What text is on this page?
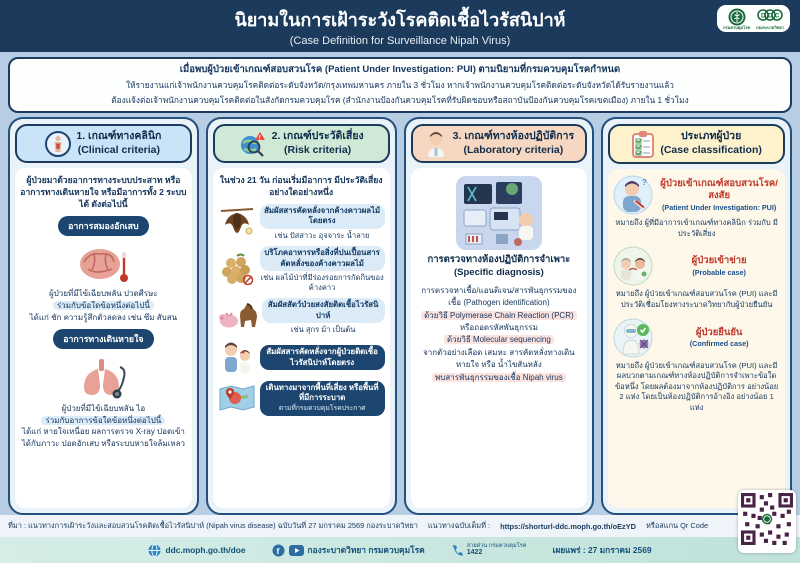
นิยามในการเฝ้าระวังโรคติดเชื้อไวรัสนิปาห์
(Case Definition for Surveillance Nipah Virus)
กรมควบคุมโรค
D D C
กองระบาดวิทยา
เมื่อพบผู้ป่วยเข้าเกณฑ์สอบสวนโรค (Patient Under Investigation: PUI) ตามนิยามที่กรมควบคุมโรคกำหนด
ให้รายงานแก่เจ้าพนักงานควบคุมโรคติดต่อระดับจังหวัด/กรุงเทพมหานคร ภายใน 3 ชั่วโมง หากเจ้าพนักงานควบคุมโรคติดต่อระดับจังหวัดได้รับรายงานแล้ว
ต้องแจ้งต่อเจ้าพนักงานควบคุมโรคติดต่อในสังกัดกรมควบคุมโรค (สำนักงานป้องกันควบคุมโรคที่รับผิดชอบหรือสถาบันป้องกันควบคุมโรคเขตเมือง) ภายใน 1 ชั่วโมง
1. เกณฑ์ทางคลินิก
(Clinical criteria)
ผู้ป่วยมาด้วยอาการทางระบบประสาท หรืออาการทางเดินหายใจ หรือมีอาการทั้ง 2 ระบบได้ ดังต่อไปนี้
อาการสมองอักเสบ
ผู้ป่วยที่มีไข้เฉียบพลัน ปวดศีรษะ
ร่วมกับข้อใดข้อหนึ่งต่อไปนี้
ได้แก่ ชัก ความรู้สึกตัวลดลง เช่น ซึม สับสน
อาการทางเดินหายใจ
ผู้ป่วยที่มีไข้เฉียบพลัน ไอ
ร่วมกับอาการข้อใดข้อหนึ่งต่อไปนี้
ได้แก่ หายใจเหนื่อย ผลการตรวจ X-ray ปอดเข้าได้กับภาวะ ปอดอักเสบ หรือระบบหายใจล้มเหลว
! 2. เกณฑ์ประวัติเสี่ยง
(Risk criteria)
ในช่วง 21 วัน ก่อนเริ่มมีอาการ มีประวัติเสี่ยงอย่างใดอย่างหนึ่ง
สัมผัสสารคัดหลั่งจากค้างคาวผลไม้โดยตรง
เช่น ปัสสาวะ อุจจาระ น้ำลาย
บริโภคอาหารหรือสิ่งที่ปนเปื้อนสารคัดหลั่งของค้างคาวผลไม้
เช่น ผลไม้ป่าที่มีร่องรอยการกัดกินของค้างคาว
สัมผัสสัตว์ป่วยสงสัยติดเชื้อไวรัสนิปาห์
เช่น สุกร ม้า เป็นต้น
สัมผัสสารคัดหลั่งจากผู้ป่วยติดเชื้อไวรัสนิปาห์โดยตรง
เดินทางมาจากพื้นที่เสี่ยง หรือพื้นที่ที่มีการระบาด
ตามที่กรมควบคุมโรคประกาศ
3. เกณฑ์ทางห้องปฏิบัติการ
(Laboratory criteria)
การตรวจทางห้องปฏิบัติการจำเพาะ
(Specific diagnosis)
การตรวจหาเชื้อ/แอนติเจน/สารพันธุกรรมของเชื้อ (Pathogen identification)
ด้วยวิธี Polymerase Chain Reaction (PCR)
หรือถอดรหัสพันธุกรรม
ด้วยวิธี Molecular sequencing
จากตัวอย่างเลือด เสมหะ สารคัดหลั่งทางเดินหายใจ หรือ น้ำไขสันหลัง
พบสารพันธุกรรมของเชื้อ Nipah virus
ประเภทผู้ป่วย
(Case classification)
? ผู้ป่วยเข้าเกณฑ์สอบสวนโรค/สงสัย
(Patient Under Investigation: PUI)
หมายถึง ผู้ที่มีอาการเข้าเกณฑ์ทางคลินิก ร่วมกับ มีประวัติเสี่ยง
ผู้ป่วยเข้าข่าย
(Probable case)
หมายถึง ผู้ป่วยเข้าเกณฑ์สอบสวนโรค (PUI) และมีประวัติเชื่อมโยงทางระบาดวิทยากับผู้ป่วยยืนยัน
ผู้ป่วยยืนยัน
(Confirmed case)
หมายถึง ผู้ป่วยเข้าเกณฑ์สอบสวนโรค (PUI) และมีผลบวกตามเกณฑ์ทางห้องปฏิบัติการจำเพาะข้อใดข้อหนึ่ง โดยผลต้องมาจากห้องปฏิบัติการ อย่างน้อย 2 แห่ง โดยเป็นห้องปฏิบัติการอ้างอิง อย่างน้อย 1 แห่ง
ที่มา : แนวทางการเฝ้าระวังและสอบสวนโรคติดเชื้อไวรัสนิปาห์ (Nipah virus disease) ฉบับวันที่ 27 มกราคม 2569 กองระบาดวิทยา แนวทางฉบับเต็มที่ : https://shorturl-ddc.moph.go.th/oEzYD หรือสแกน Qr Code
ddc.moph.go.th/doe	f	กองระบาดวิทยา กรมควบคุมโรค	สายด่วน กรมควบคุมโรค
1422	เผยแพร่ : 27 มกราคม 2569
